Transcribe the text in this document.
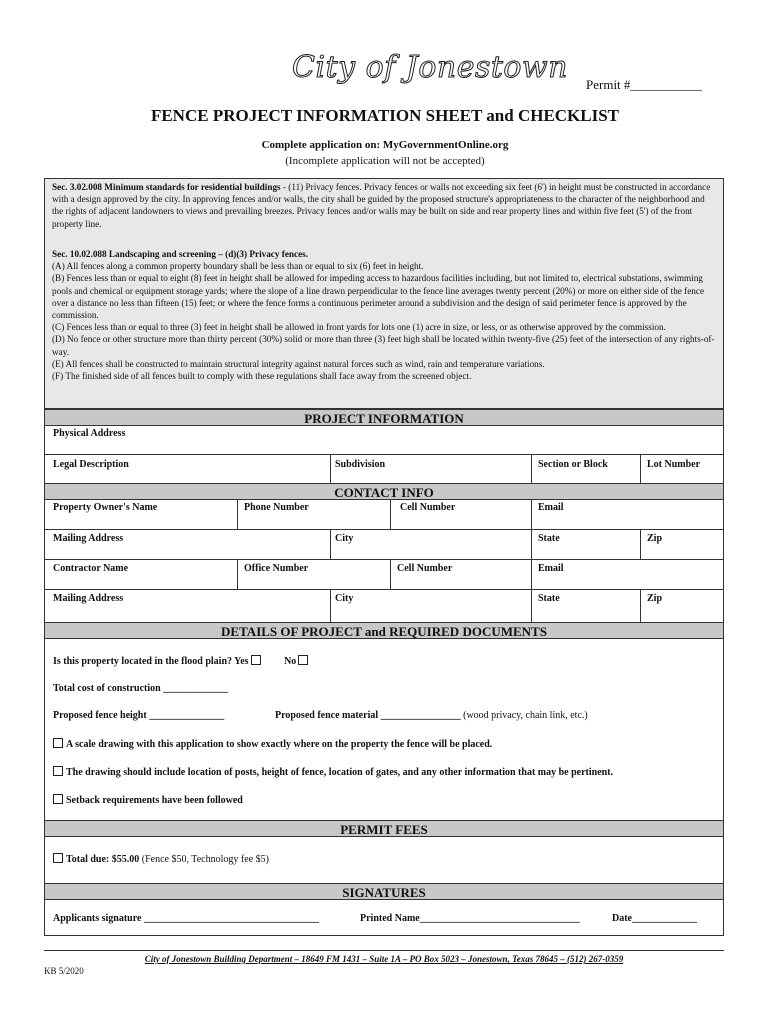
City of Jonestown Permit #___________
FENCE PROJECT INFORMATION SHEET and CHECKLIST
Complete application on: MyGovernmentOnline.org
(Incomplete application will not be accepted)
Sec. 3.02.008 Minimum standards for residential buildings - (11) Privacy fences. Privacy fences or walls not exceeding six feet (6') in height must be constructed in accordance with a design approved by the city. In approving fences and/or walls, the city shall be guided by the proposed structure's appropriateness to the character of the neighborhood and the rights of adjacent landowners to views and prevailing breezes. Privacy fences and/or walls may be built on side and rear property lines and within five feet (5') of the front property line.
Sec. 10.02.088 Landscaping and screening – (d)(3) Privacy fences.
(A) All fences along a common property boundary shall be less than or equal to six (6) feet in height.
(B) Fences less than or equal to eight (8) feet in height shall be allowed for impeding access to hazardous facilities including, but not limited to, electrical substations, swimming pools and chemical or equipment storage yards; where the slope of a line drawn perpendicular to the fence line averages twenty percent (20%) or more on either side of the fence over a distance no less than fifteen (15) feet; or where the fence forms a continuous perimeter around a subdivision and the design of said perimeter fence is approved by the commission.
(C) Fences less than or equal to three (3) feet in height shall be allowed in front yards for lots one (1) acre in size, or less, or as otherwise approved by the commission.
(D) No fence or other structure more than thirty percent (30%) solid or more than three (3) feet high shall be located within twenty-five (25) feet of the intersection of any rights-of-way.
(E) All fences shall be constructed to maintain structural integrity against natural forces such as wind, rain and temperature variations.
(F) The finished side of all fences built to comply with these regulations shall face away from the screened object.
PROJECT INFORMATION
Physical Address
Legal Description	Subdivision	Section or Block	Lot Number
CONTACT INFO
Property Owner's Name	Phone Number	Cell Number	Email
Mailing Address	City	State	Zip
Contractor Name	Office Number	Cell Number	Email
Mailing Address	City	State	Zip
DETAILS OF PROJECT and REQUIRED DOCUMENTS
Is this property located in the flood plain? Yes	No
Total cost of construction _____________
Proposed fence height _______________	Proposed fence material ________________ (wood privacy, chain link, etc.)
A scale drawing with this application to show exactly where on the property the fence will be placed.
The drawing should include location of posts, height of fence, location of gates, and any other information that may be pertinent.
Setback requirements have been followed
PERMIT FEES
Total due: $55.00 (Fence $50, Technology fee $5)
SIGNATURES
Applicants signature ___________________________________	Printed Name________________________________	Date_____________
City of Jonestown Building Department – 18649 FM 1431 – Suite 1A – PO Box 5023 – Jonestown, Texas 78645 – (512) 267-0359
KB 5/2020
